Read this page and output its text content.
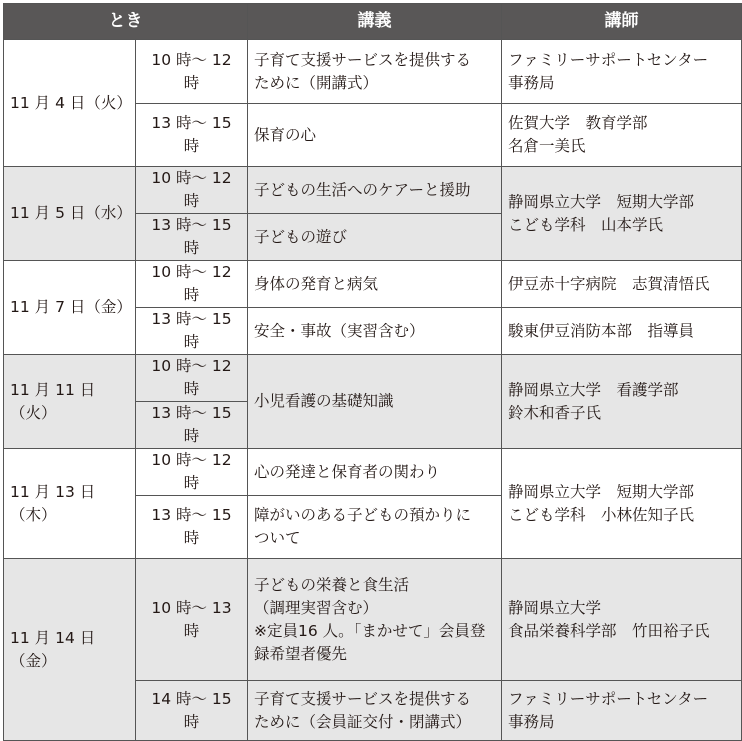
とき		講義	講師
11 月 4 日（火）	10 時～ 12 時	子育て支援サービスを提供する
ために（開講式）	ファミリーサポートセンター
事務局
	13 時～ 15 時	保育の心	佐賀大学　教育学部
名倉一美氏
11 月 5 日（水）	10 時～ 12 時	子どもの生活へのケアーと援助	静岡県立大学　短期大学部
こども学科　山本学氏
	13 時～ 15 時	子どもの遊び	
11 月 7 日（金）	10 時～ 12 時	身体の発育と病気	伊豆赤十字病院　志賀清悟氏
	13 時～ 15 時	安全・事故（実習含む）	駿東伊豆消防本部　指導員
11 月 11 日（火）	10 時～ 12 時	小児看護の基礎知識	静岡県立大学　看護学部
鈴木和香子氏
	13 時～ 15 時		
11 月 13 日（木）	10 時～ 12 時	心の発達と保育者の関わり	静岡県立大学　短期大学部
こども学科　小林佐知子氏
	13 時～ 15 時	障がいのある子どもの預かりに
ついて	
11 月 14 日（金）	10 時～ 13 時	子どもの栄養と食生活
（調理実習含む）
※定員16 人。「まかせて」会員登
録希望者優先	静岡県立大学
食品栄養科学部　竹田裕子氏
	14 時～ 15 時	子育て支援サービスを提供する
ために（会員証交付・閉講式）	ファミリーサポートセンター
事務局
